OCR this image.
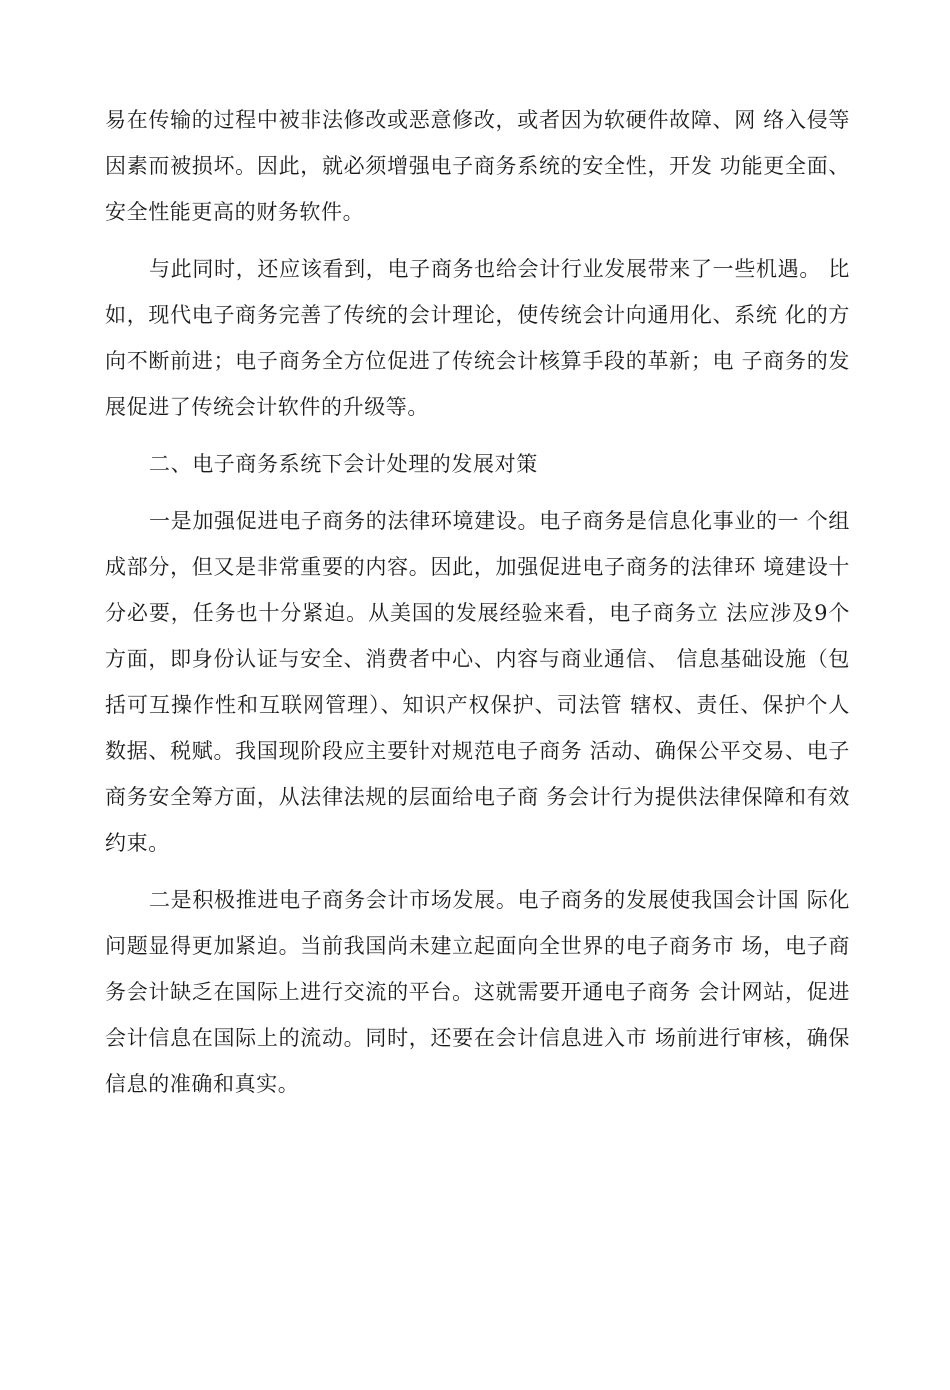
易在传输的过程中被非法修改或恶意修改，或者因为软硬件故障、网 络入侵等因素而被损坏。因此，就必须增强电子商务系统的安全性，开发 功能更全面、安全性能更高的财务软件。

与此同时，还应该看到，电子商务也给会计行业发展带来了一些机遇。 比如，现代电子商务完善了传统的会计理论，使传统会计向通用化、系统 化的方向不断前进；电子商务全方位促进了传统会计核算手段的革新；电 子商务的发展促进了传统会计软件的升级等。

二、电子商务系统下会计处理的发展对策

一是加强促进电子商务的法律环境建设。电子商务是信息化事业的一 个组成部分，但又是非常重要的内容。因此，加强促进电子商务的法律环 境建设十分必要，任务也十分紧迫。从美国的发展经验来看，电子商务立 法应涉及9个方面，即身份认证与安全、消费者中心、内容与商业通信、 信息基础设施（包括可互操作性和互联网管理）、知识产权保护、司法管 辖权、责任、保护个人数据、税赋。我国现阶段应主要针对规范电子商务 活动、确保公平交易、电子商务安全筹方面，从法律法规的层面给电子商 务会计行为提供法律保障和有效约束。

二是积极推进电子商务会计市场发展。电子商务的发展使我国会计国 际化问题显得更加紧迫。当前我国尚未建立起面向全世界的电子商务市 场，电子商务会计缺乏在国际上进行交流的平台。这就需要开通电子商务 会计网站，促进会计信息在国际上的流动。同时，还要在会计信息进入市 场前进行审核，确保信息的准确和真实。
